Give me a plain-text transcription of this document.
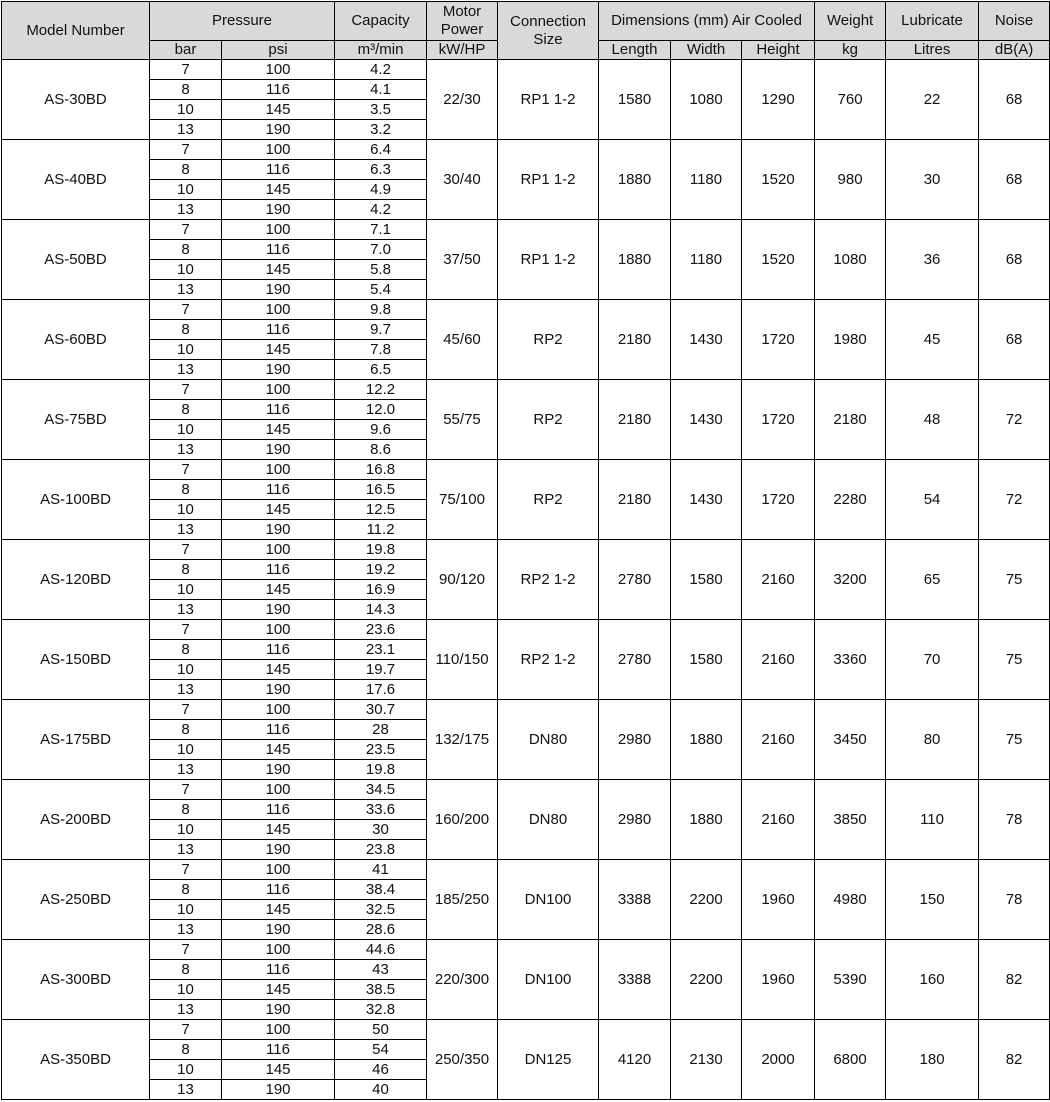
Model Number	Pressure		Capacity	Motor Power	Connection Size	Dimensions (mm) Air Cooled			Weight	Lubricate	Noise
	bar	psi	m³/min	kW/HP		Length	Width	Height	kg	Litres	dB(A)
AS-30BD	7	100	4.2	22/30	RP1 1-2	1580	1080	1290	760	22	68
	8	116	4.1								
	10	145	3.5								
	13	190	3.2								
AS-40BD	7	100	6.4	30/40	RP1 1-2	1880	1180	1520	980	30	68
	8	116	6.3								
	10	145	4.9								
	13	190	4.2								
AS-50BD	7	100	7.1	37/50	RP1 1-2	1880	1180	1520	1080	36	68
	8	116	7.0								
	10	145	5.8								
	13	190	5.4								
AS-60BD	7	100	9.8	45/60	RP2	2180	1430	1720	1980	45	68
	8	116	9.7								
	10	145	7.8								
	13	190	6.5								
AS-75BD	7	100	12.2	55/75	RP2	2180	1430	1720	2180	48	72
	8	116	12.0								
	10	145	9.6								
	13	190	8.6								
AS-100BD	7	100	16.8	75/100	RP2	2180	1430	1720	2280	54	72
	8	116	16.5								
	10	145	12.5								
	13	190	11.2								
AS-120BD	7	100	19.8	90/120	RP2 1-2	2780	1580	2160	3200	65	75
	8	116	19.2								
	10	145	16.9								
	13	190	14.3								
AS-150BD	7	100	23.6	110/150	RP2 1-2	2780	1580	2160	3360	70	75
	8	116	23.1								
	10	145	19.7								
	13	190	17.6								
AS-175BD	7	100	30.7	132/175	DN80	2980	1880	2160	3450	80	75
	8	116	28								
	10	145	23.5								
	13	190	19.8								
AS-200BD	7	100	34.5	160/200	DN80	2980	1880	2160	3850	110	78
	8	116	33.6								
	10	145	30								
	13	190	23.8								
AS-250BD	7	100	41	185/250	DN100	3388	2200	1960	4980	150	78
	8	116	38.4								
	10	145	32.5								
	13	190	28.6								
AS-300BD	7	100	44.6	220/300	DN100	3388	2200	1960	5390	160	82
	8	116	43								
	10	145	38.5								
	13	190	32.8								
AS-350BD	7	100	50	250/350	DN125	4120	2130	2000	6800	180	82
	8	116	54								
	10	145	46								
	13	190	40								
